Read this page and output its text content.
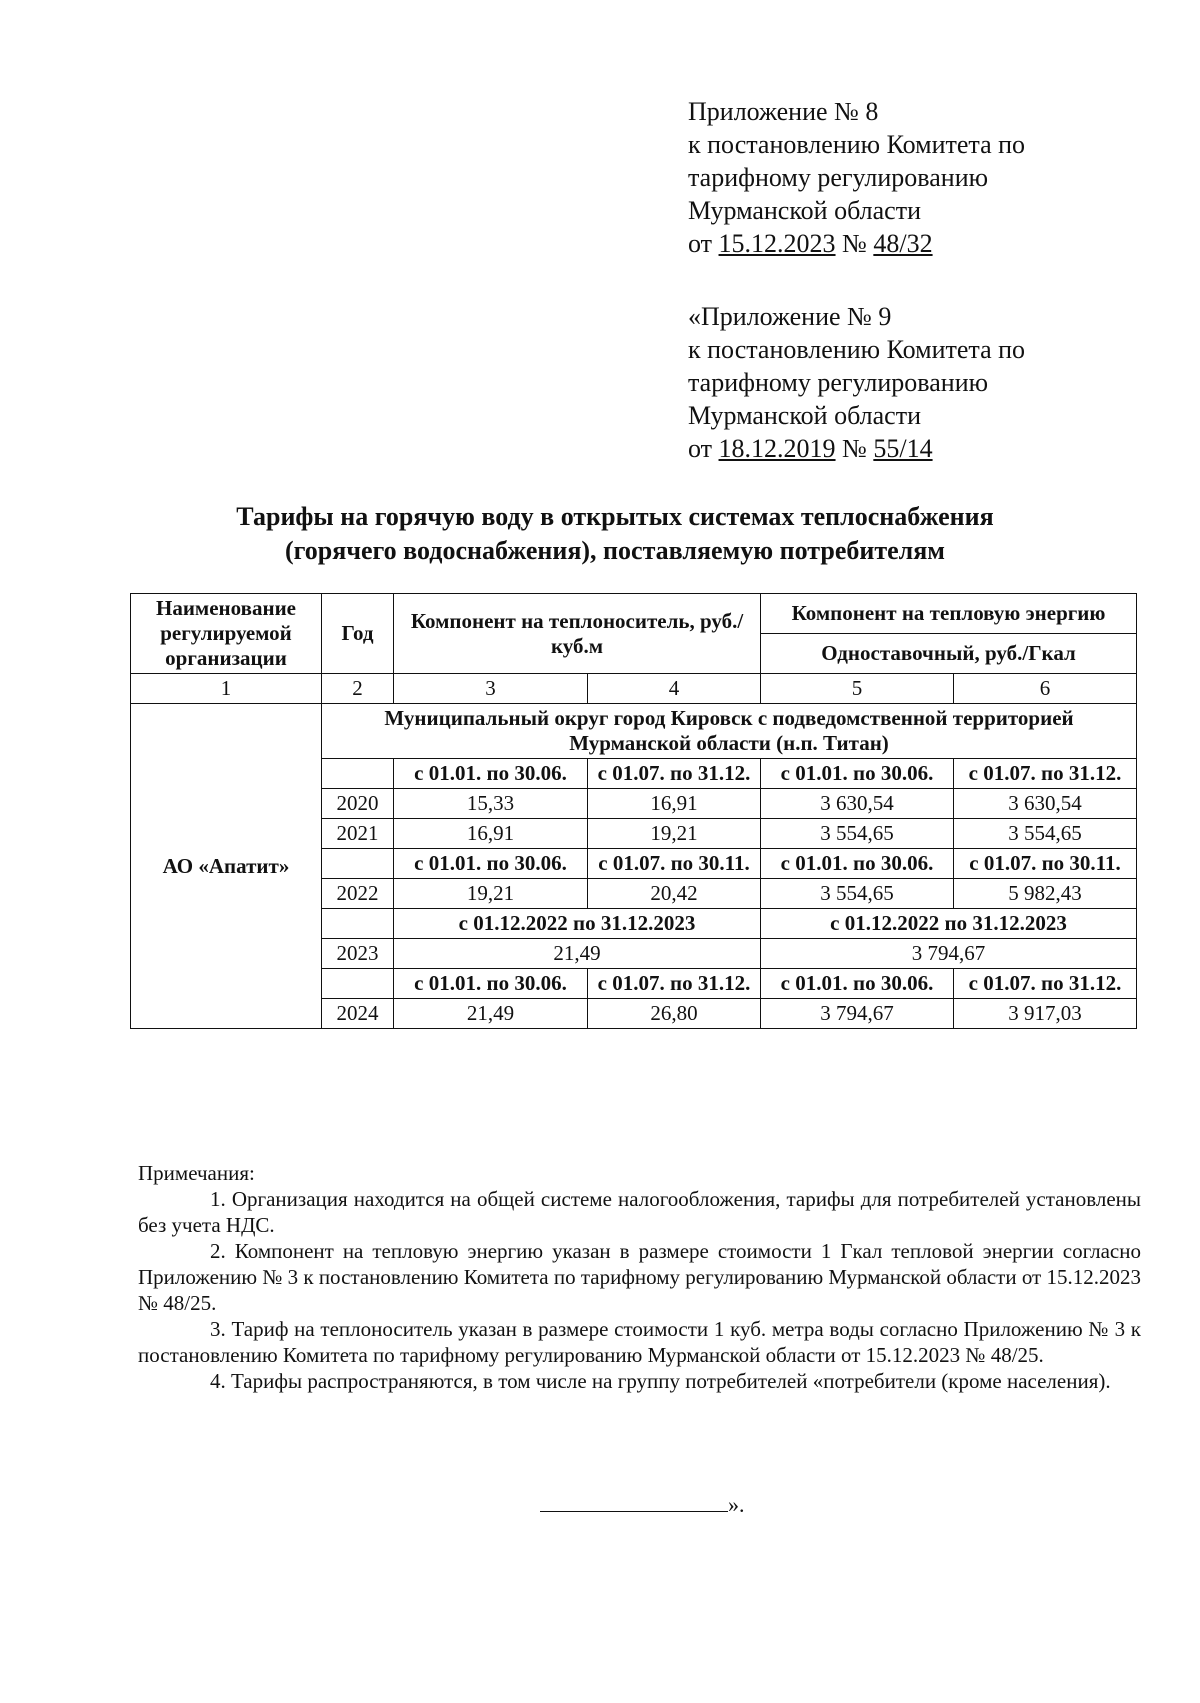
Приложение № 8
к постановлению Комитета по
тарифному регулированию
Мурманской области
от 15.12.2023 № 48/32
«Приложение № 9
к постановлению Комитета по
тарифному регулированию
Мурманской области
от 18.12.2019 № 55/14
Тарифы на горячую воду в открытых системах теплоснабжения
(горячего водоснабжения), поставляемую потребителям
Наименование регулируемой организации	Год	Компонент на теплоноситель, руб./куб.м		Компонент на тепловую энергию	
				Одноставочный, руб./Гкал	
1	2	3	4	5	6
АО «Апатит»	Муниципальный округ город Кировск с подведомственной территорией Мурманской области (н.п. Титан)				
		с 01.01. по 30.06.	с 01.07. по 31.12.	с 01.01. по 30.06.	с 01.07. по 31.12.
	2020	15,33	16,91	3 630,54	3 630,54
	2021	16,91	19,21	3 554,65	3 554,65
		с 01.01. по 30.06.	с 01.07. по 30.11.	с 01.01. по 30.06.	с 01.07. по 30.11.
	2022	19,21	20,42	3 554,65	5 982,43
		с 01.12.2022 по 31.12.2023		с 01.12.2022 по 31.12.2023	
	2023	21,49		3 794,67	
		с 01.01. по 30.06.	с 01.07. по 31.12.	с 01.01. по 30.06.	с 01.07. по 31.12.
	2024	21,49	26,80	3 794,67	3 917,03

Примечания:

1. Организация находится на общей системе налогообложения, тарифы для потребителей установлены без учета НДС.

2. Компонент на тепловую энергию указан в размере стоимости 1 Гкал тепловой энергии согласно Приложению № 3 к постановлению Комитета по тарифному регулированию Мурманской области от 15.12.2023 № 48/25.

3. Тариф на теплоноситель указан в размере стоимости 1 куб. метра воды согласно Приложению № 3 к постановлению Комитета по тарифному регулированию Мурманской области от 15.12.2023 № 48/25.

4. Тарифы распространяются, в том числе на группу потребителей «потребители (кроме населения).

».
